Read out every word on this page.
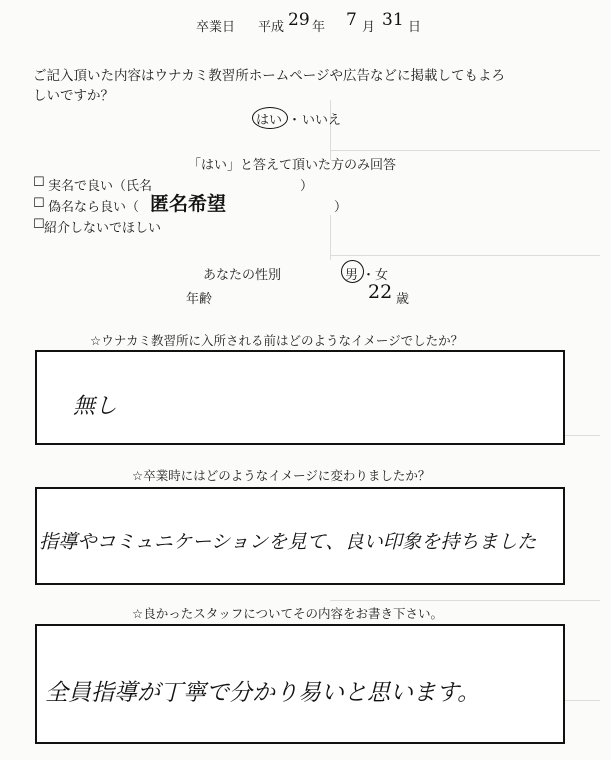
卒業日 平成 29 年 7 月 31 日
ご記入頂いた内容はウナカミ教習所ホームページや広告などに掲載してもよろ
しいですか？
はい ・ いいえ
「はい」と答えて頂いた方のみ回答
☐ 実名で良い（氏名	）
☐ 偽名なら良い（ 匿名希望	）
☐ 紹介しないでほしい
あなたの性別	男 ・ 女
年齢	22 歳
☆ウナカミ教習所に入所される前はどのようなイメージでしたか？
無し
☆卒業時にはどのようなイメージに変わりましたか？
指導やコミュニケーションを見て、良い印象を持ちました
☆良かったスタッフについてその内容をお書き下さい。
全員指導が丁寧で分かり易いと思います。
